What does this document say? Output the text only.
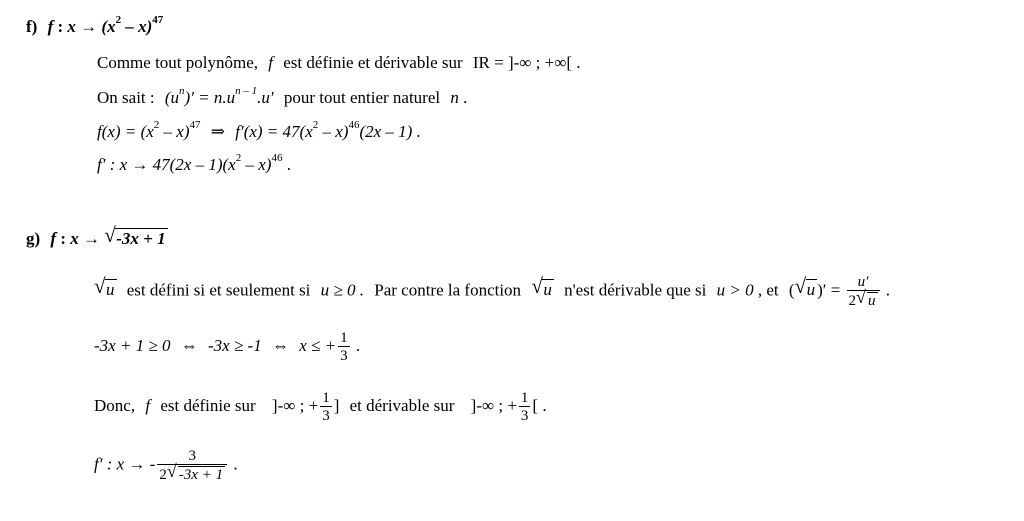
f) f : $x \to (x^2 - x)^{47}$
Comme tout polynôme, f est définie et dérivable sur IR = ]-∞ ; +∞[ .
On sait : $(u^n)' = n.u^{n - 1}.u'$ pour tout entier naturel n .
$f(x) = (x^2 - x)^{47}$ ⇒ $f'(x) = 47(x^2 - x)^{46}(2x - 1)$ .
f′ : $x \to 47(2x - 1)(x^2 - x)^{46}$ .
g) f : x → √ -3x + 1
√ u est défini si et seulement si u ≥ 0 . Par contre la fonction √ u n'est dérivable que si u > 0 , et ( √ u )′ = $\frac{u'}{2 √ u}$ .
-3x + 1 ≥ 0 ⇔ -3x ≥ -1 ⇔ x ≤ + $\frac{1}{3}$ .
Donc, f est définie sur ]-∞ ; + $\frac{1}{3}$ ] et dérivable sur ]-∞ ; + $\frac{1}{3}$ [ .
f′ : x → - $\frac{3}{2 √ -3x + 1}$ .
